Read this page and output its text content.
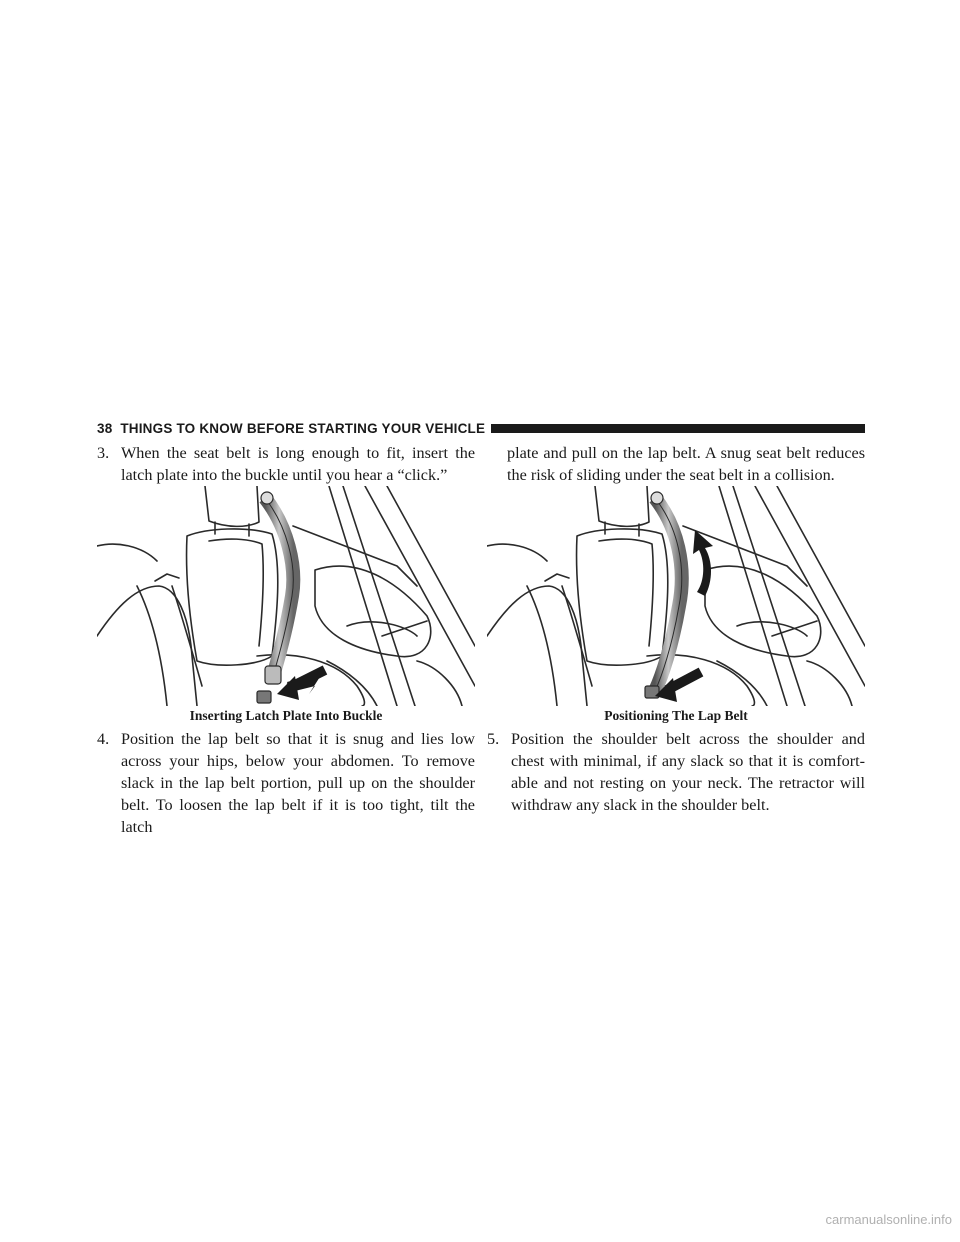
38 THINGS TO KNOW BEFORE STARTING YOUR VEHICLE

3. When the seat belt is long enough to fit, insert the latch plate into the buckle until you hear a “click.”

Inserting Latch Plate Into Buckle

4. Position the lap belt so that it is snug and lies low across your hips, below your abdomen. To remove slack in the lap belt portion, pull up on the shoulder belt. To loosen the lap belt if it is too tight, tilt the latch

plate and pull on the lap belt. A snug seat belt reduces the risk of sliding under the seat belt in a collision.

Positioning The Lap Belt

5. Position the shoulder belt across the shoulder and chest with minimal, if any slack so that it is comfort- able and not resting on your neck. The retractor will withdraw any slack in the shoulder belt.

carmanualsonline.info
